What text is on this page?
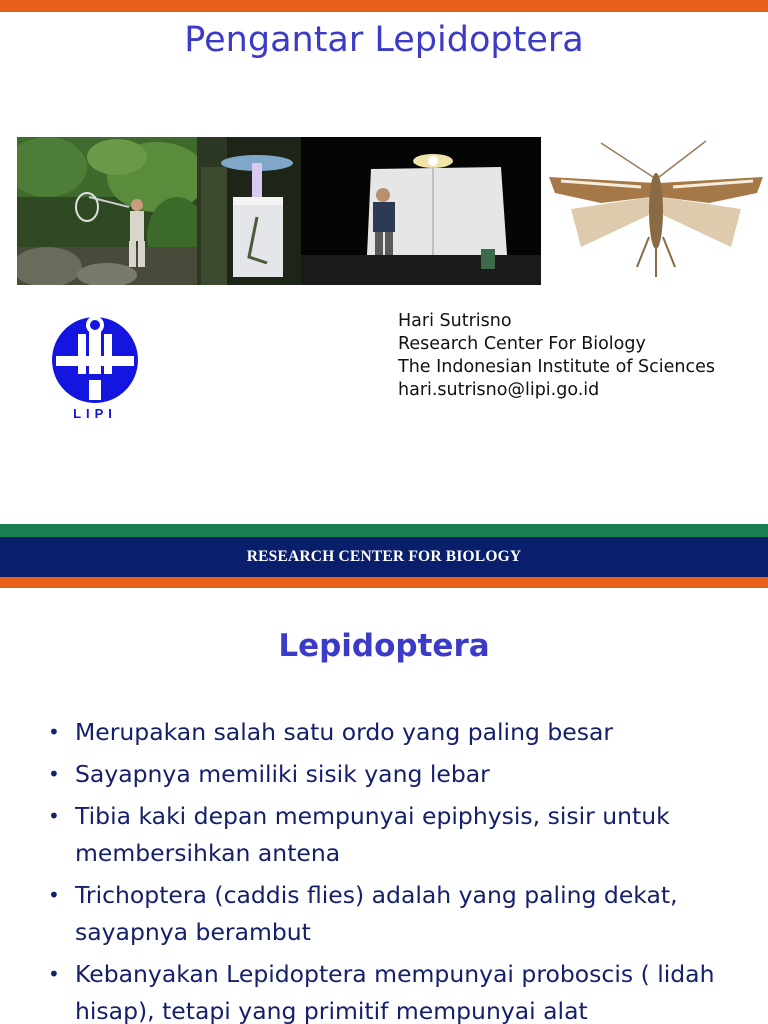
Pengantar Lepidoptera
LIPI
Hari Sutrisno
Research Center For Biology
The Indonesian Institute of Sciences
hari.sutrisno@lipi.go.id
RESEARCH CENTER FOR BIOLOGY
Lepidoptera
• Merupakan salah satu ordo yang paling besar
• Sayapnya memiliki sisik yang lebar
• Tibia kaki depan mempunyai epiphysis, sisir untuk membersihkan antena
• Trichoptera (caddis flies) adalah yang paling dekat, sayapnya berambut
• Kebanyakan Lepidoptera mempunyai proboscis ( lidah hisap), tetapi yang primitif mempunyai alat
